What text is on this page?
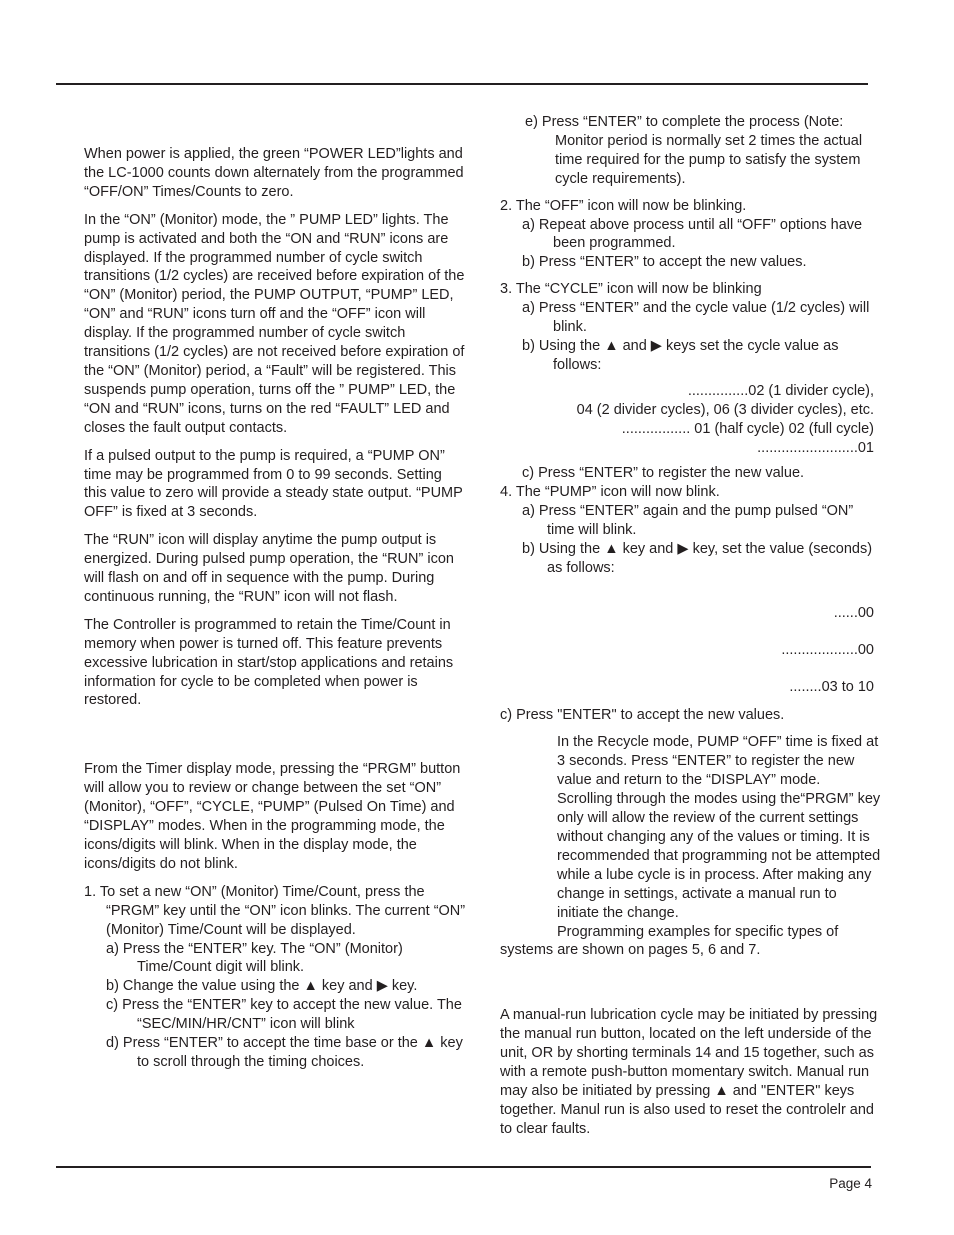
When power is applied, the green “POWER LED”lights and the LC-1000 counts down alternately from the programmed “OFF/ON” Times/Counts to zero.

In the “ON” (Monitor) mode, the ” PUMP LED” lights. The pump is activated and both the “ON and “RUN” icons are displayed. If the programmed number of cycle switch transitions (1/2 cycles) are received before expiration of the “ON” (Monitor) period, the PUMP OUTPUT, “PUMP” LED, “ON” and “RUN” icons turn off and the “OFF” icon will display. If the programmed number of cycle switch transitions (1/2 cycles) are not received before expiration of the “ON” (Monitor) period, a “Fault” will be registered. This suspends pump operation, turns off the ” PUMP” LED, the “ON and “RUN” icons, turns on the red “FAULT” LED and closes the fault output contacts.

If a pulsed output to the pump is required, a “PUMP ON” time may be programmed from 0 to 99 seconds. Setting this value to zero will provide a steady state output. “PUMP OFF” is fixed at 3 seconds.

The “RUN” icon will display anytime the pump output is energized. During pulsed pump operation, the “RUN” icon will flash on and off in sequence with the pump. During continuous running, the “RUN” icon will not flash.

The Controller is programmed to retain the Time/Count in memory when power is turned off. This feature prevents excessive lubrication in start/stop applications and retains information for cycle to be completed when power is restored.

From the Timer display mode, pressing the “PRGM” button will allow you to review or change between the set “ON” (Monitor), “OFF”, “CYCLE, “PUMP” (Pulsed On Time) and “DISPLAY” modes. When in the programming mode, the icons/digits will blink. When in the display mode, the icons/digits do not blink.

1. To set a new “ON” (Monitor) Time/Count, press the “PRGM” key until the “ON” icon blinks. The current “ON” (Monitor) Time/Count will be displayed.

a) Press the “ENTER” key. The “ON” (Monitor) Time/Count digit will blink.

b) Change the value using the ▲ key and ▶ key.

c) Press the “ENTER” key to accept the new value. The “SEC/MIN/HR/CNT” icon will blink

d) Press “ENTER” to accept the time base or the ▲ key to scroll through the timing choices.

e) Press “ENTER” to complete the process (Note: Monitor period is normally set 2 times the actual time required for the pump to satisfy the system cycle requirements).

2. The “OFF” icon will now be blinking.

a) Repeat above process until all “OFF” options have been programmed.

b) Press “ENTER” to accept the new values.

3. The “CYCLE” icon will now be blinking

a) Press “ENTER” and the cycle value (1/2 cycles) will blink.

b) Using the ▲ and ▶ keys set the cycle value as follows:

...............02 (1 divider cycle),

04 (2 divider cycles), 06 (3 divider cycles), etc.

................. 01 (half cycle) 02 (full cycle)

.........................01

c) Press “ENTER” to register the new value.

4. The “PUMP” icon will now blink.

a) Press “ENTER” again and the pump pulsed “ON” time will blink.

b) Using the ▲ key and ▶ key, set the value (seconds) as follows:

......00

...................00

........03 to 10

c) Press "ENTER" to accept the new values.

In the Recycle mode, PUMP “OFF” time is fixed at 3 seconds. Press “ENTER” to register the new value and return to the “DISPLAY” mode.

Scrolling through the modes using the“PRGM” key only will allow the review of the current settings without changing any of the values or timing. It is recommended that programming not be attempted while a lube cycle is in process. After making any change in settings, activate a manual run to initiate the change.

Programming examples for specific types of

systems are shown on pages 5, 6 and 7.

A manual-run lubrication cycle may be initiated by pressing the manual run button, located on the left underside of the unit, OR by shorting terminals 14 and 15 together, such as with a remote push-button momentary switch. Manual run may also be initiated by pressing ▲ and "ENTER" keys together. Manul run is also used to reset the controlelr and to clear faults.

Page 4
